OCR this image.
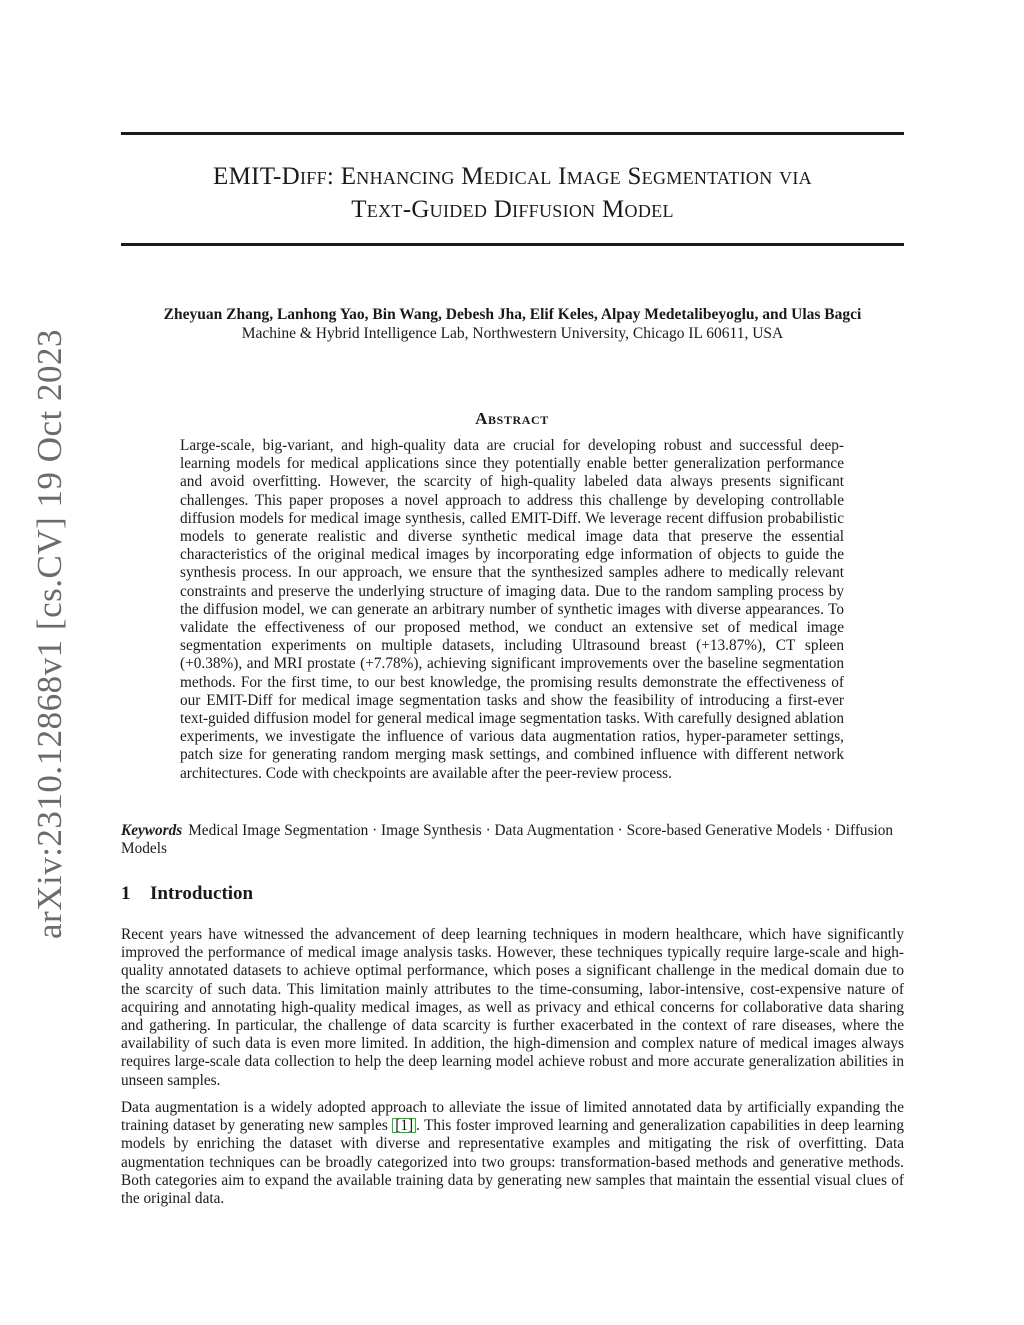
arXiv:2310.12868v1 [cs.CV] 19 Oct 2023
EMIT-Diff: Enhancing Medical Image Segmentation via
Text-Guided Diffusion Model
Zheyuan Zhang, Lanhong Yao, Bin Wang, Debesh Jha, Elif Keles, Alpay Medetalibeyoglu, and Ulas Bagci
Machine & Hybrid Intelligence Lab, Northwestern University, Chicago IL 60611, USA
Abstract
Large-scale, big-variant, and high-quality data are crucial for developing robust and successful deep-learning models for medical applications since they potentially enable better generalization performance and avoid overfitting. However, the scarcity of high-quality labeled data always presents significant challenges. This paper proposes a novel approach to address this challenge by developing controllable diffusion models for medical image synthesis, called EMIT-Diff. We leverage recent diffusion probabilistic models to generate realistic and diverse synthetic medical image data that preserve the essential characteristics of the original medical images by incorporating edge information of objects to guide the synthesis process. In our approach, we ensure that the synthesized samples adhere to medically relevant constraints and preserve the underlying structure of imaging data. Due to the random sampling process by the diffusion model, we can generate an arbitrary number of synthetic images with diverse appearances. To validate the effectiveness of our proposed method, we conduct an extensive set of medical image segmentation experiments on multiple datasets, including Ultrasound breast (+13.87%), CT spleen (+0.38%), and MRI prostate (+7.78%), achieving significant improvements over the baseline segmentation methods. For the first time, to our best knowledge, the promising results demonstrate the effectiveness of our EMIT-Diff for medical image segmentation tasks and show the feasibility of introducing a first-ever text-guided diffusion model for general medical image segmentation tasks. With carefully designed ablation experiments, we investigate the influence of various data augmentation ratios, hyper-parameter settings, patch size for generating random merging mask settings, and combined influence with different network architectures. Code with checkpoints are available after the peer-review process.
Keywords Medical Image Segmentation · Image Synthesis · Data Augmentation · Score-based Generative Models · Diffusion Models
1 Introduction
Recent years have witnessed the advancement of deep learning techniques in modern healthcare, which have significantly improved the performance of medical image analysis tasks. However, these techniques typically require large-scale and high-quality annotated datasets to achieve optimal performance, which poses a significant challenge in the medical domain due to the scarcity of such data. This limitation mainly attributes to the time-consuming, labor-intensive, cost-expensive nature of acquiring and annotating high-quality medical images, as well as privacy and ethical concerns for collaborative data sharing and gathering. In particular, the challenge of data scarcity is further exacerbated in the context of rare diseases, where the availability of such data is even more limited. In addition, the high-dimension and complex nature of medical images always requires large-scale data collection to help the deep learning model achieve robust and more accurate generalization abilities in unseen samples.
Data augmentation is a widely adopted approach to alleviate the issue of limited annotated data by artificially expanding the training dataset by generating new samples [1] . This foster improved learning and generalization capabilities in deep learning models by enriching the dataset with diverse and representative examples and mitigating the risk of overfitting. Data augmentation techniques can be broadly categorized into two groups: transformation-based methods and generative methods. Both categories aim to expand the available training data by generating new samples that maintain the essential visual clues of the original data.
